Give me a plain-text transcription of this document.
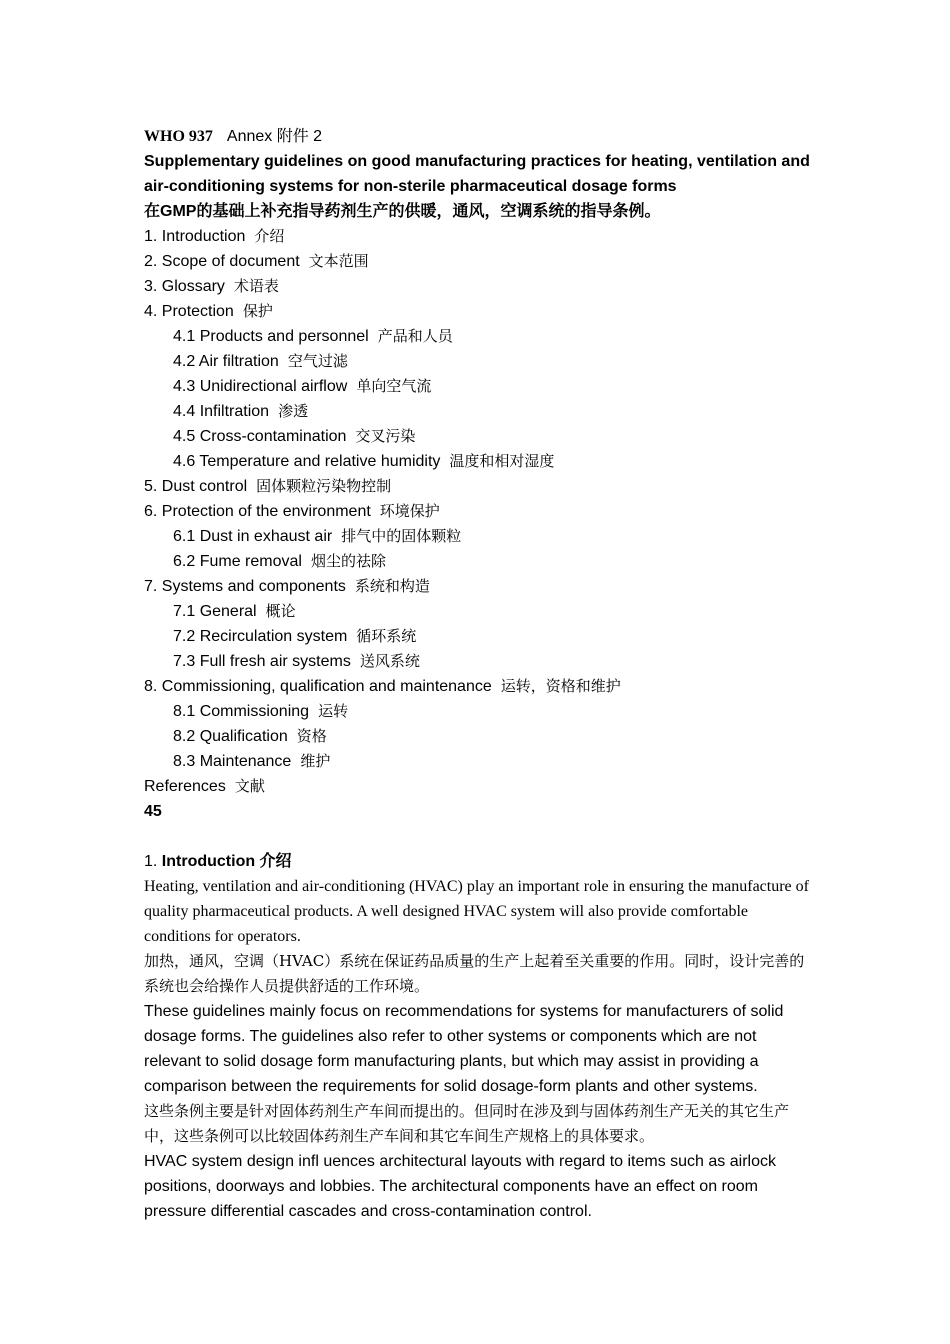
WHO 937 Annex 附件 2
Supplementary guidelines on good manufacturing practices for heating, ventilation and
air-conditioning systems for non-sterile pharmaceutical dosage forms
在GMP的基础上补充指导药剂生产的供暖，通风，空调系统的指导条例。
1. Introduction 介绍
2. Scope of document 文本范围
3. Glossary 术语表
4. Protection 保护
4.1 Products and personnel 产品和人员
4.2 Air filtration 空气过滤
4.3 Unidirectional airflow 单向空气流
4.4 Infiltration 渗透
4.5 Cross-contamination 交叉污染
4.6 Temperature and relative humidity 温度和相对湿度
5. Dust control 固体颗粒污染物控制
6. Protection of the environment 环境保护
6.1 Dust in exhaust air 排气中的固体颗粒
6.2 Fume removal 烟尘的祛除
7. Systems and components 系统和构造
7.1 General 概论
7.2 Recirculation system 循环系统
7.3 Full fresh air systems 送风系统
8. Commissioning, qualification and maintenance 运转，资格和维护
8.1 Commissioning 运转
8.2 Qualification 资格
8.3 Maintenance 维护
References 文献
45
1. Introduction 介绍
Heating, ventilation and air-conditioning (HVAC) play an important role in ensuring the manufacture of quality pharmaceutical products. A well designed HVAC system will also provide comfortable conditions for operators.
加热，通风，空调（HVAC）系统在保证药品质量的生产上起着至关重要的作用。同时，设计完善的系统也会给操作人员提供舒适的工作环境。
These guidelines mainly focus on recommendations for systems for manufacturers of solid dosage forms. The guidelines also refer to other systems or components which are not relevant to solid dosage form manufacturing plants, but which may assist in providing a comparison between the requirements for solid dosage-form plants and other systems.
这些条例主要是针对固体药剂生产车间而提出的。但同时在涉及到与固体药剂生产无关的其它生产中，这些条例可以比较固体药剂生产车间和其它车间生产规格上的具体要求。
HVAC system design infl uences architectural layouts with regard to items such as airlock positions, doorways and lobbies. The architectural components have an effect on room pressure differential cascades and cross-contamination control.
